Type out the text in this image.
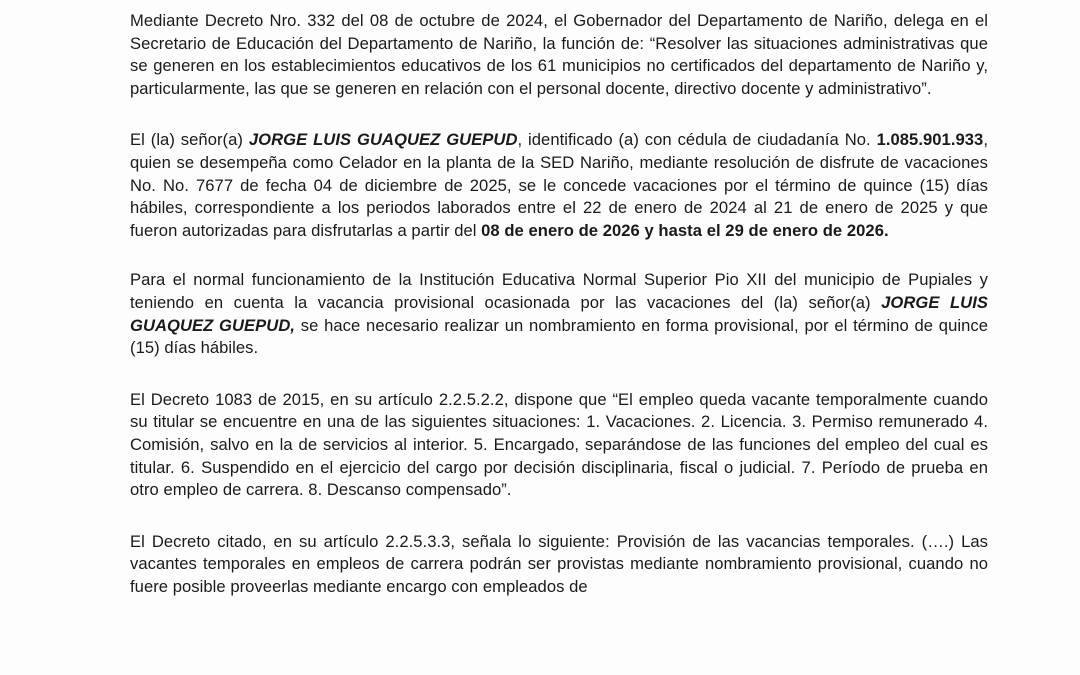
Mediante Decreto Nro. 332 del 08 de octubre de 2024, el Gobernador del Departamento de Nariño, delega en el Secretario de Educación del Departamento de Nariño, la función de: “Resolver las situaciones administrativas que se generen en los establecimientos educativos de los 61 municipios no certificados del departamento de Nariño y, particularmente, las que se generen en relación con el personal docente, directivo docente y administrativo”.

El (la) señor(a) JORGE LUIS GUAQUEZ GUEPUD, identificado (a) con cédula de ciudadanía No. 1.085.901.933, quien se desempeña como Celador en la planta de la SED Nariño, mediante resolución de disfrute de vacaciones No. No. 7677 de fecha 04 de diciembre de 2025, se le concede vacaciones por el término de quince (15) días hábiles, correspondiente a los periodos laborados entre el 22 de enero de 2024 al 21 de enero de 2025 y que fueron autorizadas para disfrutarlas a partir del 08 de enero de 2026 y hasta el 29 de enero de 2026.

Para el normal funcionamiento de la Institución Educativa Normal Superior Pio XII del municipio de Pupiales y teniendo en cuenta la vacancia provisional ocasionada por las vacaciones del (la) señor(a) JORGE LUIS GUAQUEZ GUEPUD, se hace necesario realizar un nombramiento en forma provisional, por el término de quince (15) días hábiles.

El Decreto 1083 de 2015, en su artículo 2.2.5.2.2, dispone que “El empleo queda vacante temporalmente cuando su titular se encuentre en una de las siguientes situaciones: 1. Vacaciones. 2. Licencia. 3. Permiso remunerado 4. Comisión, salvo en la de servicios al interior. 5. Encargado, separándose de las funciones del empleo del cual es titular. 6. Suspendido en el ejercicio del cargo por decisión disciplinaria, fiscal o judicial. 7. Período de prueba en otro empleo de carrera. 8. Descanso compensado”.

El Decreto citado, en su artículo 2.2.5.3.3, señala lo siguiente: Provisión de las vacancias temporales. (….) Las vacantes temporales en empleos de carrera podrán ser provistas mediante nombramiento provisional, cuando no fuere posible proveerlas mediante encargo con empleados de
